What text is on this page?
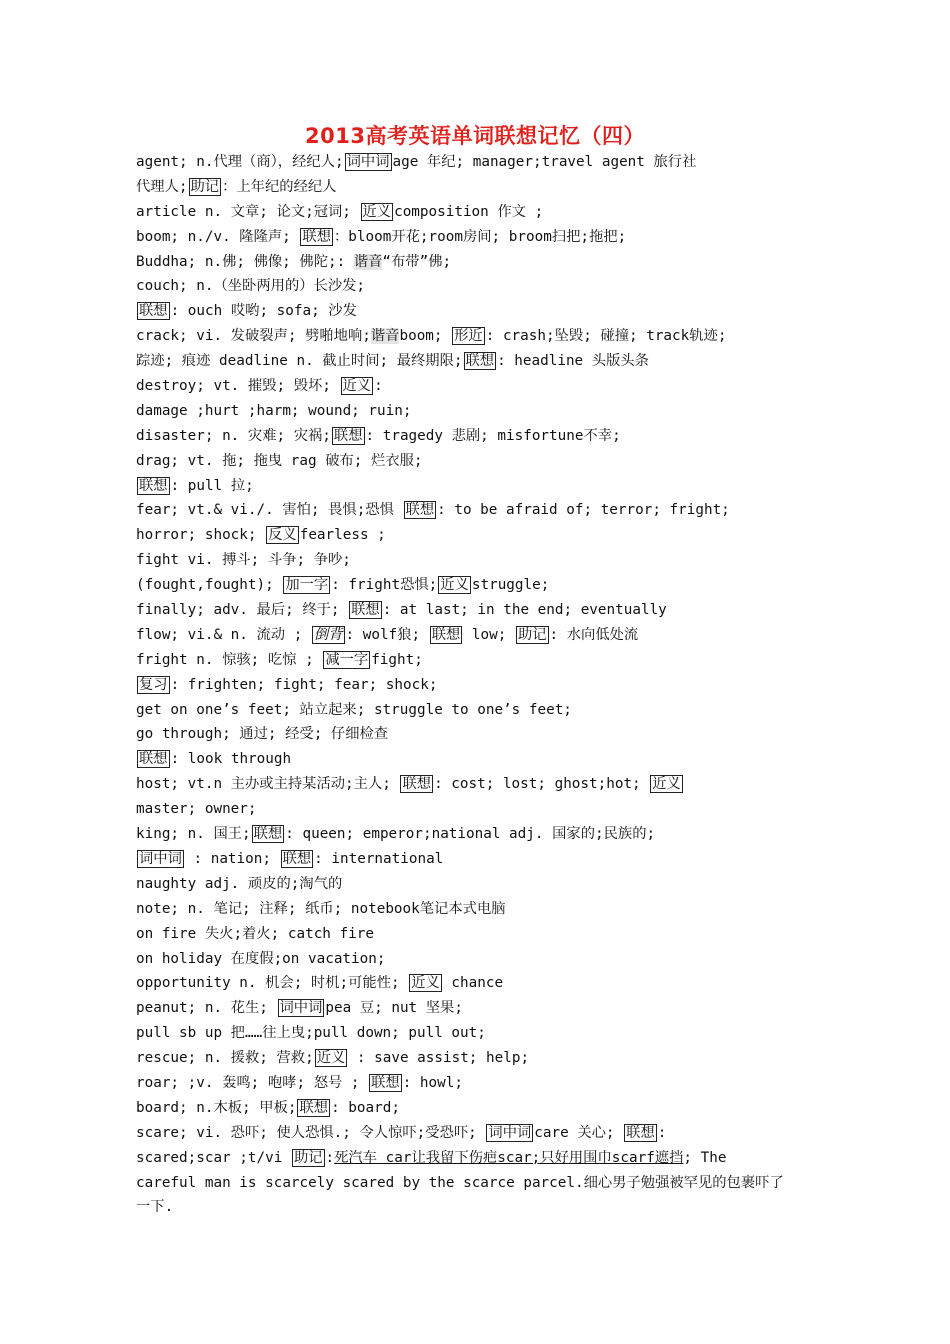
2013高考英语单词联想记忆（四）
agent; n.代理（商），经纪人; 词中词 age 年纪; manager;travel agent 旅行社
代理人; 助记 ：上年纪的经纪人
article n. 文章; 论文;冠词; 近义 composition 作文 ;
boom; n./v. 隆隆声; 联想 ：bloom开花;room房间; broom扫把;拖把;
Buddha; n.佛; 佛像; 佛陀;: 谐音“布带”佛;
couch; n.（坐卧两用的）长沙发;
联想 : ouch 哎哟; sofa; 沙发
crack; vi. 发破裂声; 劈啪地响;谐音boom; 形近 : crash;坠毁; 碰撞; track轨迹;
踪迹; 痕迹 deadline n. 截止时间; 最终期限; 联想 : headline 头版头条
destroy; vt. 摧毁; 毁坏; 近义 :
damage ;hurt ;harm; wound; ruin;
disaster; n. 灾难; 灾祸; 联想 : tragedy 悲剧; misfortune不幸;
drag; vt. 拖; 拖曳 rag 破布; 烂衣服;
联想 : pull 拉;
fear; vt.& vi./. 害怕; 畏惧;恐惧 联想 : to be afraid of; terror; fright;
horror; shock; 反义 fearless ;
fight vi. 搏斗; 斗争; 争吵;
(fought,fought); 加一字 : fright恐惧; 近义 struggle;
finally; adv. 最后; 终于; 联想 : at last; in the end; eventually
flow; vi.& n. 流动 ; 倒背 : wolf狼; 联想 low; 助记 : 水向低处流
fright n. 惊骇; 吃惊 ; 减一字 fight;
复习 : frighten; fight; fear; shock;
get on one’s feet; 站立起来; struggle to one’s feet;
go through; 通过; 经受; 仔细检查
联想 : look through
host; vt.n 主办或主持某活动;主人; 联想 : cost; lost; ghost;hot; 近义
master; owner;
king; n. 国王; 联想 : queen; emperor;national adj. 国家的;民族的;
词中词 : nation; 联想 : international
naughty adj. 顽皮的;淘气的
note; n. 笔记; 注释; 纸币; notebook笔记本式电脑
on fire 失火;着火; catch fire
on holiday 在度假;on vacation;
opportunity n. 机会; 时机;可能性; 近义 chance
peanut; n. 花生; 词中词 pea 豆; nut 坚果;
pull sb up 把……往上曳;pull down; pull out;
rescue; n. 援救; 营救; 近义 : save assist; help;
roar; ;v. 轰鸣; 咆哮; 怒号 ; 联想 : howl;
board; n.木板; 甲板; 联想 : board;
scare; vi. 恐吓; 使人恐惧.; 令人惊吓;受恐吓; 词中词 care 关心; 联想 :
scared;scar ;t/vi 助记 :死汽车 car让我留下伤疤scar;只好用围巾scarf遮挡; The
careful man is scarcely scared by the scarce parcel.细心男子勉强被罕见的包裹吓了
一下.
